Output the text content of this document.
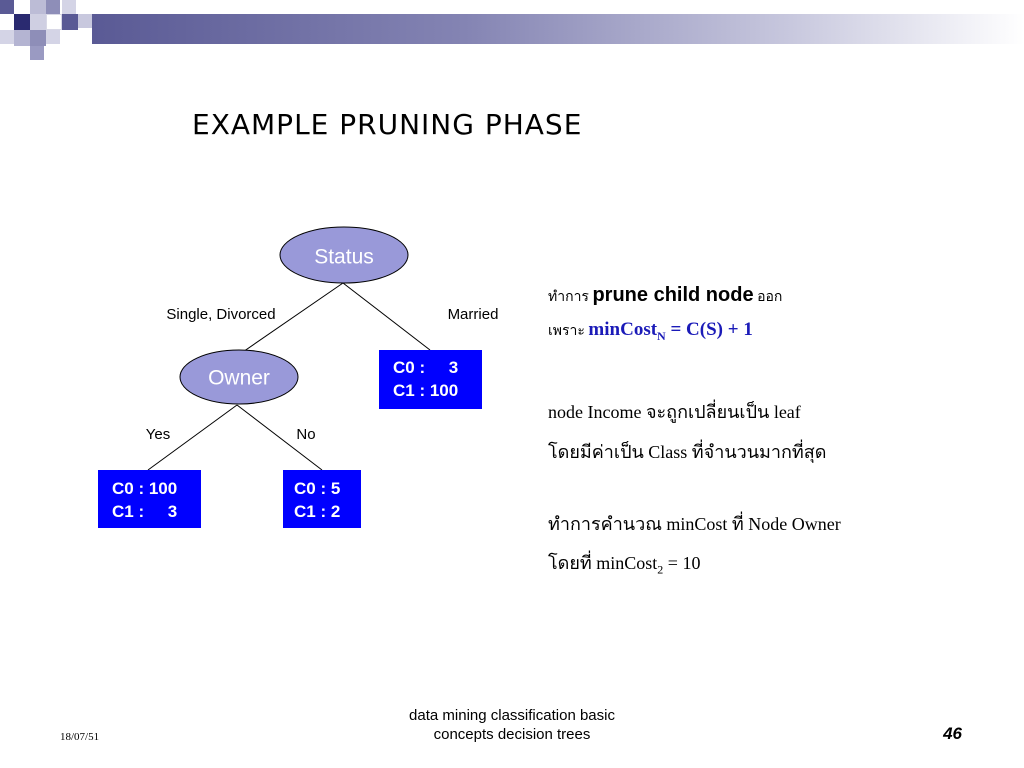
EXAMPLE PRUNING PHASE
Status
Owner
Single, Divorced	Married
Yes	No
C0 :     3
C1 : 100
C0 : 100
C1 :     3
C0 : 5
C1 : 2
ทำการ prune child node ออก
เพราะ minCost$_N$ = C(S) + 1
node Income จะถูกเปลี่ยนเป็น leaf
โดยมีค่าเป็น Class ที่จำนวนมากที่สุด
ทำการคำนวณ minCost ที่ Node Owner
โดยที่ minCost$_2$ = 10
18/07/51
data mining classification basic
concepts decision trees	46
